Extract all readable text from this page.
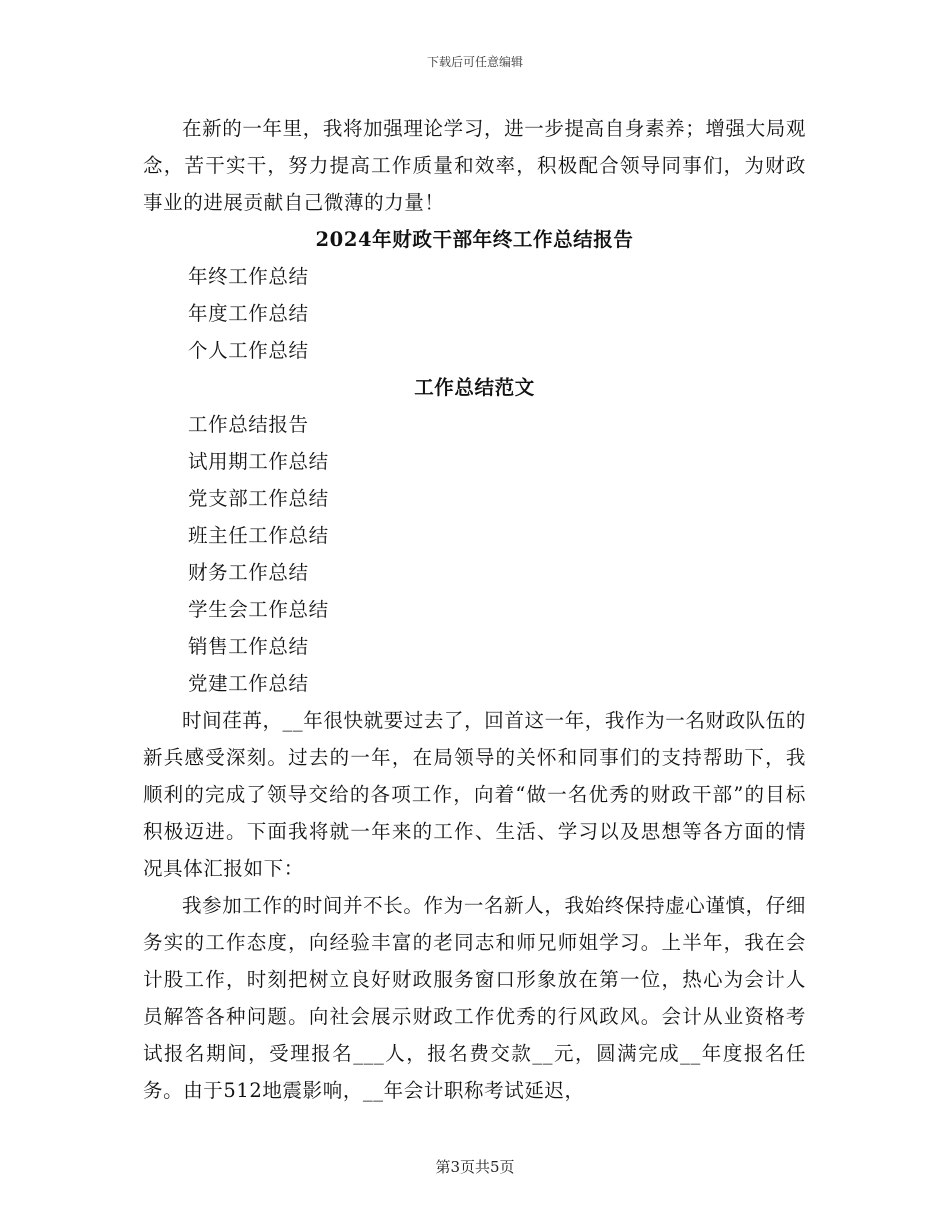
下载后可任意编辑

在新的一年里，我将加强理论学习，进一步提高自身素养；增强大局观念，苦干实干，努力提高工作质量和效率，积极配合领导同事们，为财政事业的进展贡献自己微薄的力量！

2024年财政干部年终工作总结报告
年终工作总结
年度工作总结
个人工作总结
工作总结范文
工作总结报告
试用期工作总结
党支部工作总结
班主任工作总结
财务工作总结
学生会工作总结
销售工作总结
党建工作总结

时间荏苒，__年很快就要过去了，回首这一年，我作为一名财政队伍的新兵感受深刻。过去的一年，在局领导的关怀和同事们的支持帮助下，我顺利的完成了领导交给的各项工作，向着“做一名优秀的财政干部”的目标积极迈进。下面我将就一年来的工作、生活、学习以及思想等各方面的情况具体汇报如下：

我参加工作的时间并不长。作为一名新人，我始终保持虚心谨慎，仔细务实的工作态度，向经验丰富的老同志和师兄师姐学习。上半年，我在会计股工作，时刻把树立良好财政服务窗口形象放在第一位，热心为会计人员解答各种问题。向社会展示财政工作优秀的行风政风。会计从业资格考试报名期间，受理报名___人，报名费交款__元，圆满完成__年度报名任务。由于512地震影响，__年会计职称考试延迟，

第3页共5页
